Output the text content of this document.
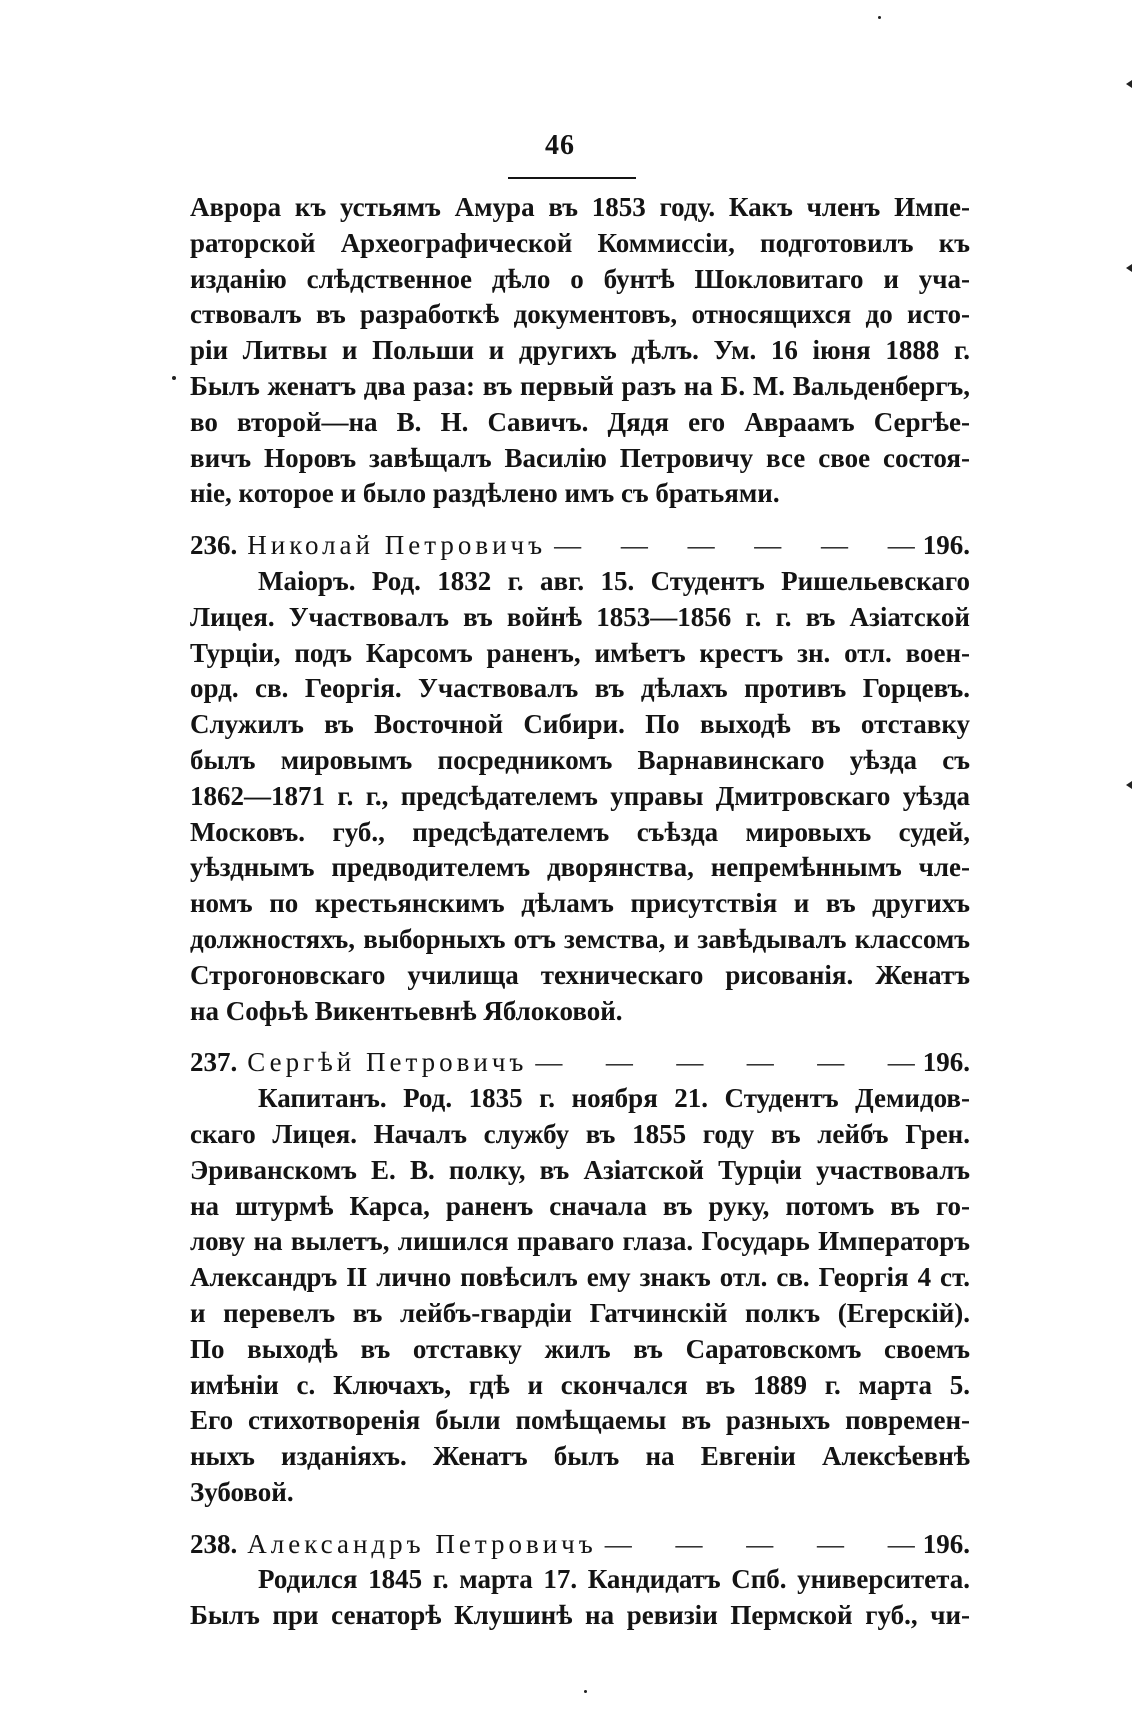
46
Аврора къ устьямъ Амура въ 1853 году. Какъ членъ Импе-
раторской Археографической Коммиссіи, подготовилъ къ
изданію слѣдственное дѣло о бунтѣ Шокловитаго и уча-
ствовалъ въ разработкѣ документовъ, относящихся до исто-
ріи Литвы и Польши и другихъ дѣлъ. Ум. 16 іюня 1888 г.
Былъ женатъ два раза: въ первый разъ на Б. М. Вальденбергъ,
во второй—на В. Н. Савичъ. Дядя его Авраамъ Сергѣе-
вичъ Норовъ завѣщалъ Василію Петровичу все свое состоя-
ніе, которое и было раздѣлено имъ съ братьями.
236. Николай Петровичъ — — — — — — 196.
Маіоръ. Род. 1832 г. авг. 15. Студентъ Ришельевскаго
Лицея. Участвовалъ въ войнѣ 1853—1856 г. г. въ Азіатской
Турціи, подъ Карсомъ раненъ, имѣетъ крестъ зн. отл. воен-
орд. св. Георгія. Участвовалъ въ дѣлахъ противъ Горцевъ.
Служилъ въ Восточной Сибири. По выходѣ въ отставку
былъ мировымъ посредникомъ Варнавинскаго уѣзда съ
1862—1871 г. г., предсѣдателемъ управы Дмитровскаго уѣзда
Московъ. губ., предсѣдателемъ съѣзда мировыхъ судей,
уѣзднымъ предводителемъ дворянства, непремѣннымъ чле-
номъ по крестьянскимъ дѣламъ присутствія и въ другихъ
должностяхъ, выборныхъ отъ земства, и завѣдывалъ классомъ
Строгоновскаго училища техническаго рисованія. Женатъ
на Софьѣ Викентьевнѣ Яблоковой.
237. Сергѣй Петровичъ — — — — — — 196.
Капитанъ. Род. 1835 г. ноября 21. Студентъ Демидов-
скаго Лицея. Началъ службу въ 1855 году въ лейбъ Грен.
Эриванскомъ Е. В. полку, въ Азіатской Турціи участвовалъ
на штурмѣ Карса, раненъ сначала въ руку, потомъ въ го-
лову на вылетъ, лишился праваго глаза. Государь Императоръ
Александръ II лично повѣсилъ ему знакъ отл. св. Георгія 4 ст.
и перевелъ въ лейбъ-гвардіи Гатчинскій полкъ (Егерскій).
По выходѣ въ отставку жилъ въ Саратовскомъ своемъ
имѣніи с. Ключахъ, гдѣ и скончался въ 1889 г. марта 5.
Его стихотворенія были помѣщаемы въ разныхъ повремен-
ныхъ изданіяхъ. Женатъ былъ на Евгеніи Алексѣевнѣ
Зубовой.
238. Александръ Петровичъ — — — — — 196.
Родился 1845 г. марта 17. Кандидатъ Спб. университета.
Былъ при сенаторѣ Клушинѣ на ревизіи Пермской губ., чи-
